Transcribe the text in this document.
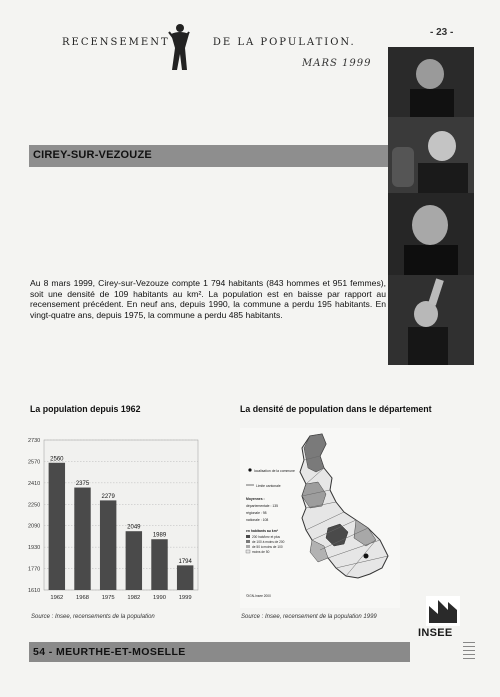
- 23 -
RECENSEMENT	DE LA POPULATION.
MARS 1999
CIREY-SUR-VEZOUZE

Au 8 mars 1999, Cirey-sur-Vezouze compte 1 794 habitants (843 hommes et 951 femmes), soit une densité de 109 habitants au km². La population est en baisse par rapport au recensement précédent. En neuf ans, depuis 1990, la commune a perdu 195 habitants. En vingt-quatre ans, depuis 1975, la commune a perdu 485 habitants.

La population depuis 1962	La densité de population dans le département
1610
1770
1930
2090
2250
2410
2570
2730
2560
2375
2279
2049
1989
1794
1962 1968 1975 1982 1990 1999
localisation de la commune
Limite cantonale
Moyennes :
départementale : 135
régionale : 98
nationale : 108
en habitants au km²
200 hab/km² et plus
de 100 à moins de 200
de 50 à moins de 100
moins de 50
©IGN-Insee 2000
Source : Insee, recensements de la population	Source : Insee, recensement de la population 1999
INSEE
54 - MEURTHE-ET-MOSELLE
